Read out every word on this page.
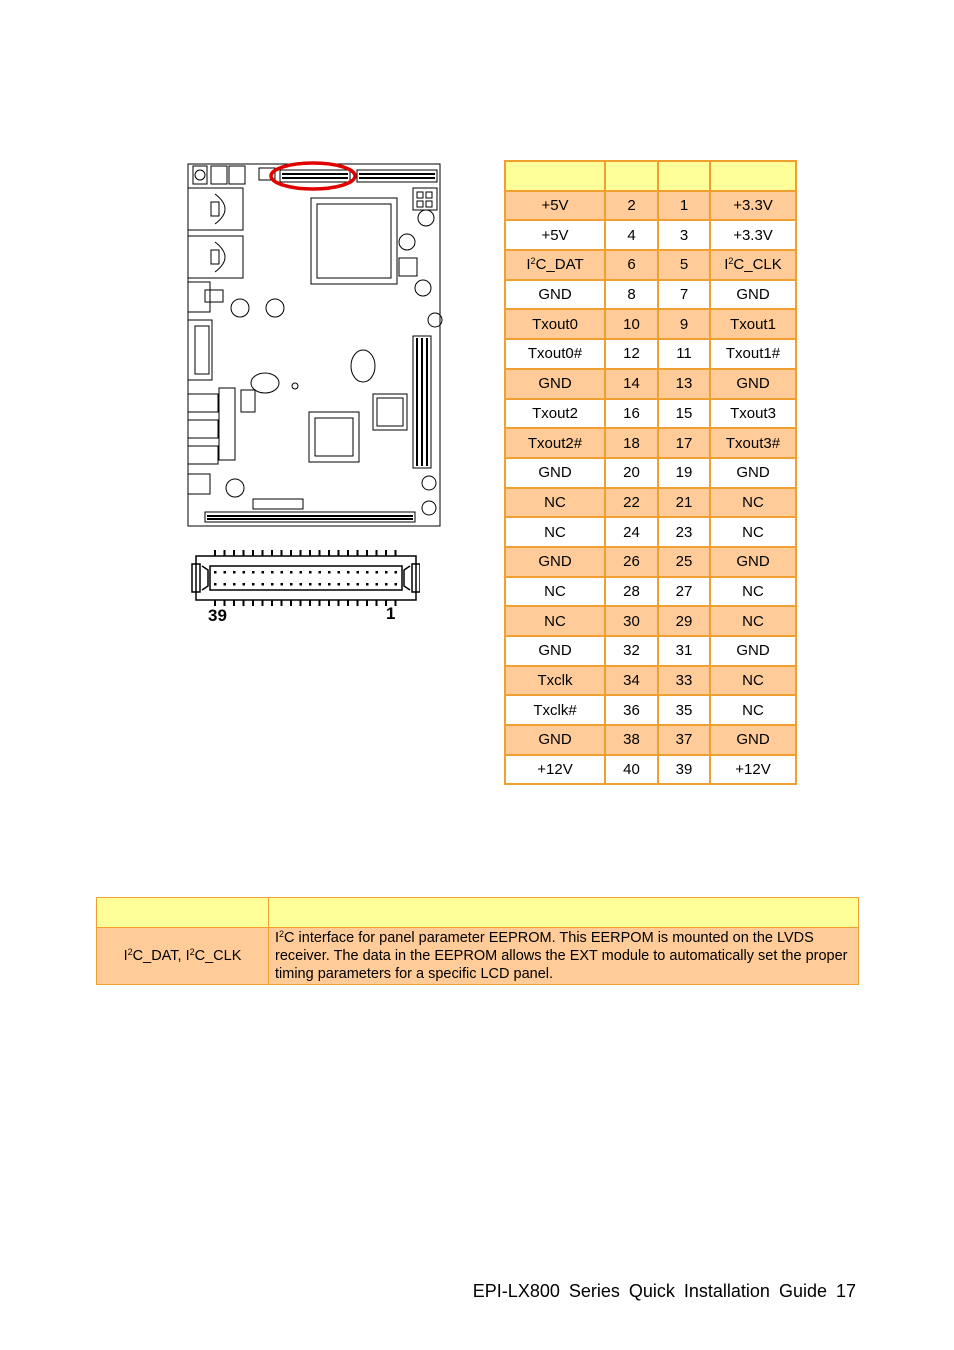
39	1

+5V	2	1	+3.3V
+5V	4	3	+3.3V
$I^2C\_DAT$	6	5	$I^2C\_CLK$
GND	8	7	GND
Txout0	10	9	Txout1
Txout0#	12	11	Txout1#
GND	14	13	GND
Txout2	16	15	Txout3
Txout2#	18	17	Txout3#
GND	20	19	GND
NC	22	21	NC
NC	24	23	NC
GND	26	25	GND
NC	28	27	NC
NC	30	29	NC
GND	32	31	GND
Txclk	34	33	NC
Txclk#	36	35	NC
GND	38	37	GND
+12V	40	39	+12V

$I^2C\_DAT$, $I^2C\_CLK$	$I^2C$ interface for panel parameter EEPROM. This EERPOM is mounted on the LVDS receiver. The data in the EEPROM allows the EXT module to automatically set the proper timing parameters for a specific LCD panel.
EPI-LX800 Series Quick Installation Guide 17
